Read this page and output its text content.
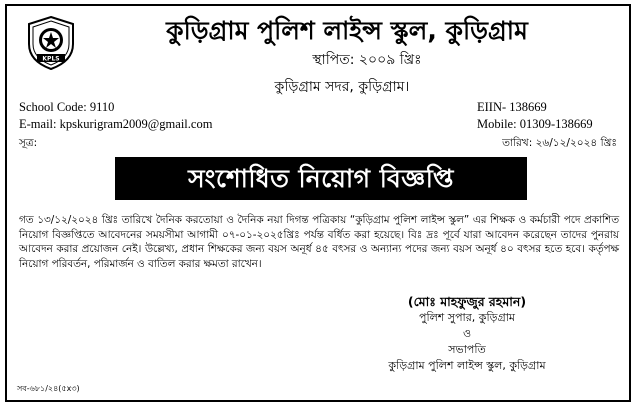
KPLS
কুড়িগ্রাম পুলিশ লাইন্স স্কুল, কুড়িগ্রাম
স্থাপিত: ২০০৯ খ্রিঃ
কুড়িগ্রাম সদর, কুড়িগ্রাম।
School Code: 9110
E-mail: kpskurigram2009@gmail.com
EIIN- 138669
Mobile: 01309-138669
সূত্র:	তারিখ: ২৬/১২/২০২৪ খ্রিঃ
সংশোধিত নিয়োগ বিজ্ঞপ্তি
গত ১৩/১২/২০২৪ খ্রিঃ তারিখে দৈনিক করতোয়া ও দৈনিক নয়া দিগন্ত পত্রিকায় “কুড়িগ্রাম পুলিশ লাইন্স স্কুল” এর শিক্ষক ও কর্মচারী পদে প্রকাশিত নিয়োগ বিজ্ঞপ্তিতে আবেদনের সময়সীমা আগামী ০৭-০১-২০২৫খ্রিঃ পর্যন্ত বর্ধিত করা হয়েছে। বিঃ দ্রঃ পূর্বে যারা আবেদন করেছেন তাদের পুনরায় আবেদন করার প্রয়োজন নেই। উল্লেখ্য, প্রধান শিক্ষকের জন্য বয়স অনূর্ধ ৪৫ বৎসর ও অন্যান্য পদের জন্য বয়স অনূর্ধ ৪০ বৎসর হতে হবে। কর্তৃপক্ষ নিয়োগ পরিবর্তন, পরিমার্জন ও বাতিল করার ক্ষমতা রাখেন।
(মোঃ মাহফুজুর রহমান)
পুলিশ সুপার, কুড়িগ্রাম
ও
সভাপতি
কুড়িগ্রাম পুলিশ লাইন্স স্কুল, কুড়িগ্রাম
সব-৬৮১/২৪(৫x৩)
